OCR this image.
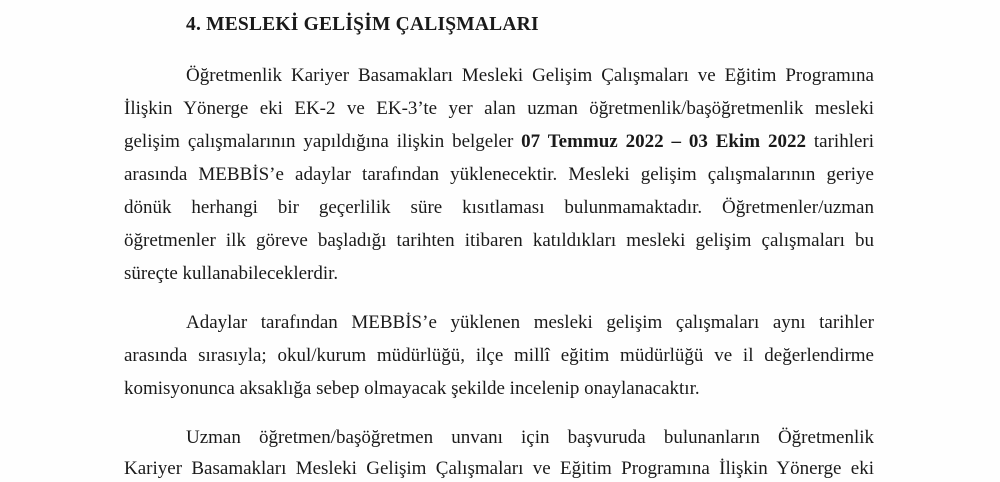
4. MESLEKİ GELİŞİM ÇALIŞMALARI
Öğretmenlik Kariyer Basamakları Mesleki Gelişim Çalışmaları ve Eğitim Programına
İlişkin Yönerge eki EK-2 ve EK-3’te yer alan uzman öğretmenlik/başöğretmenlik mesleki
gelişim çalışmalarının yapıldığına ilişkin belgeler 07 Temmuz 2022 – 03 Ekim 2022 tarihleri
arasında MEBBİS’e adaylar tarafından yüklenecektir. Mesleki gelişim çalışmalarının geriye
dönük herhangi bir geçerlilik süre kısıtlaması bulunmamaktadır. Öğretmenler/uzman
öğretmenler ilk göreve başladığı tarihten itibaren katıldıkları mesleki gelişim çalışmaları bu
süreçte kullanabileceklerdir.
Adaylar tarafından MEBBİS’e yüklenen mesleki gelişim çalışmaları aynı tarihler
arasında sırasıyla; okul/kurum müdürlüğü, ilçe millî eğitim müdürlüğü ve il değerlendirme
komisyonunca aksaklığa sebep olmayacak şekilde incelenip onaylanacaktır.
Uzman öğretmen/başöğretmen unvanı için başvuruda bulunanların Öğretmenlik
Kariyer Basamakları Mesleki Gelişim Çalışmaları ve Eğitim Programına İlişkin Yönerge eki
